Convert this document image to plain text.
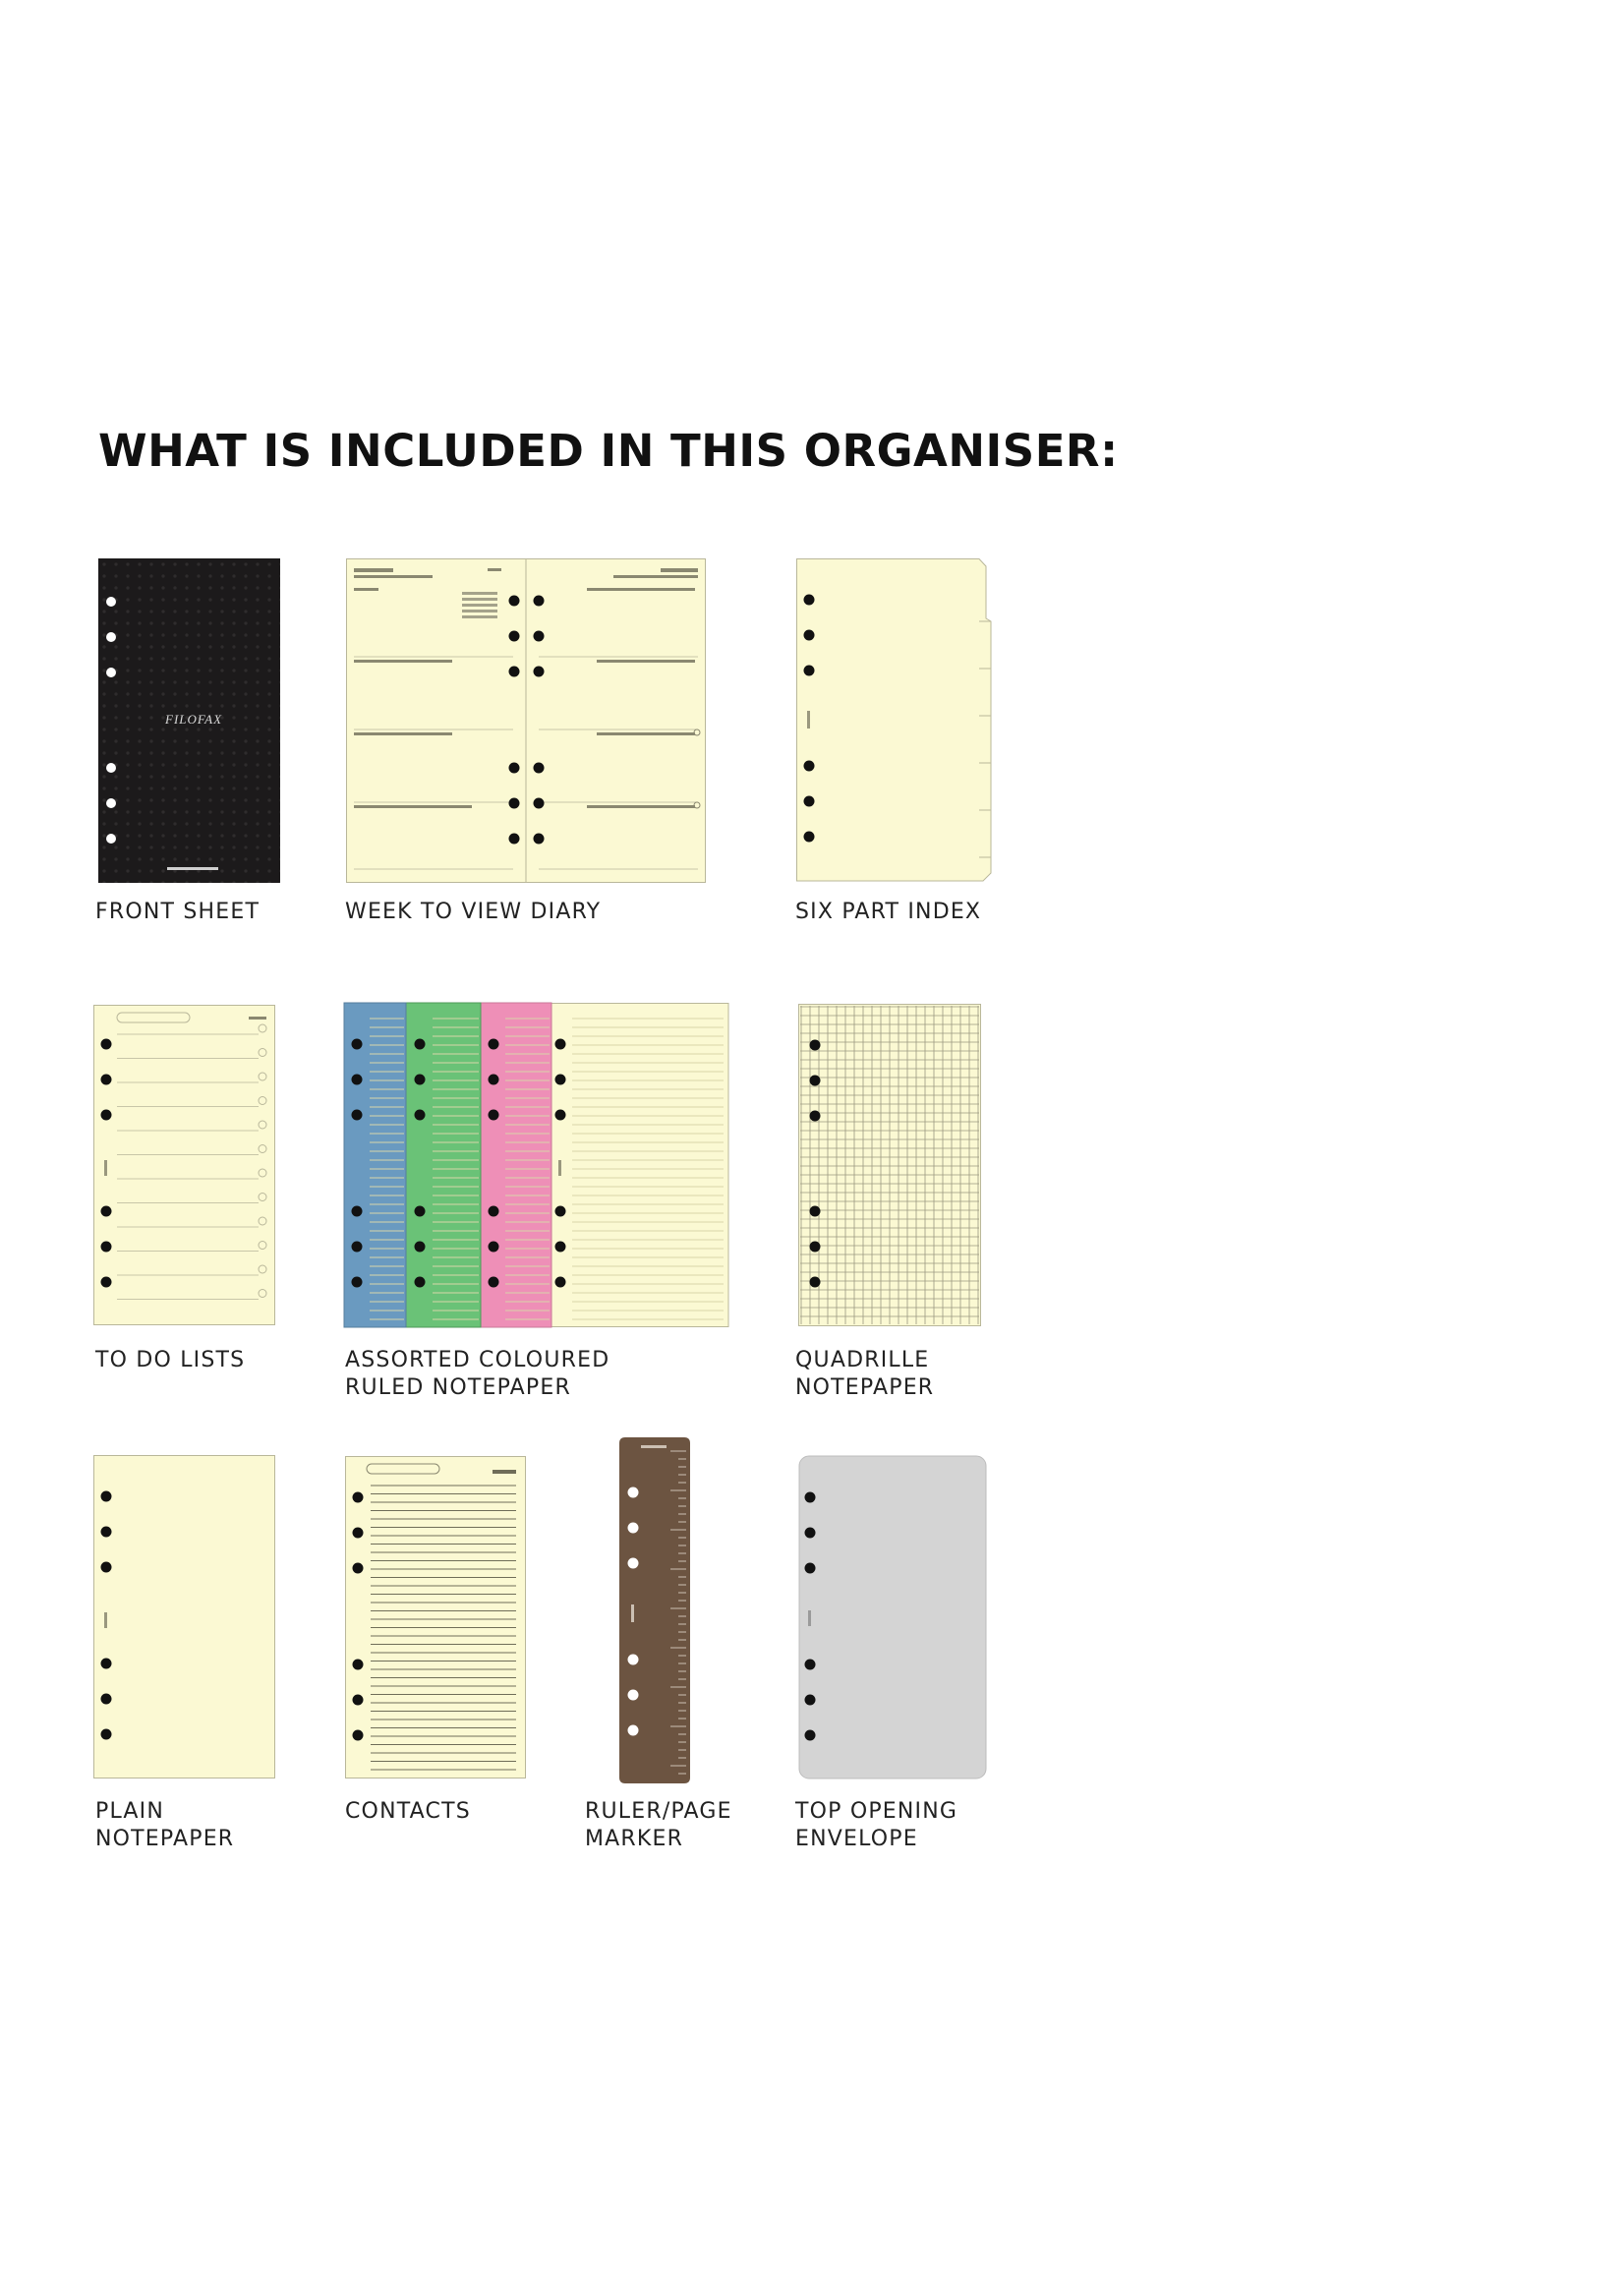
WHAT IS INCLUDED IN THIS ORGANISER:
FILOFAX
FRONT SHEET	WEEK TO VIEW DIARY	SIX PART INDEX
TO DO LISTS	ASSORTED COLOURED
RULED NOTEPAPER
QUADRILLE
NOTEPAPER
PLAIN
NOTEPAPER
CONTACTS	RULER/PAGE
MARKER
TOP OPENING
ENVELOPE
